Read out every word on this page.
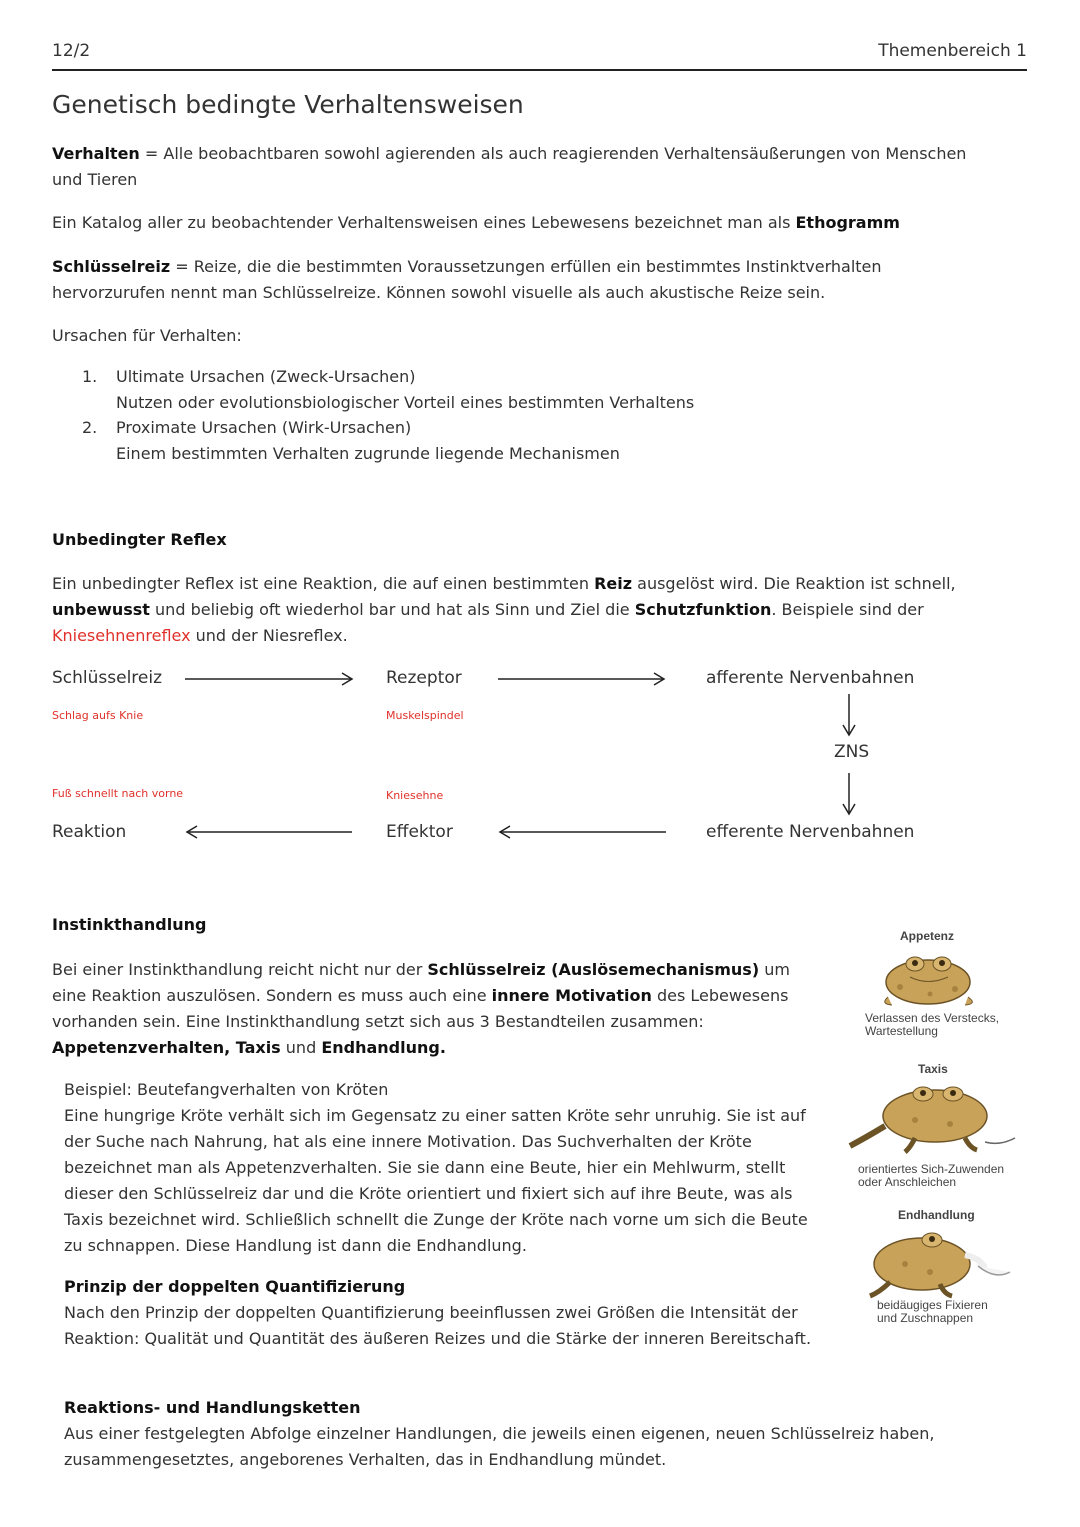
12/2	Themenbereich 1
Genetisch bedingte Verhaltensweisen
Verhalten = Alle beobachtbaren sowohl agierenden als auch reagierenden Verhaltensäußerungen von Menschen und Tieren
Ein Katalog aller zu beobachtender Verhaltensweisen eines Lebewesens bezeichnet man als Ethogramm
Schlüsselreiz = Reize, die die bestimmten Voraussetzungen erfüllen ein bestimmtes Instinktverhalten hervorzurufen nennt man Schlüsselreize. Können sowohl visuelle als auch akustische Reize sein.
Ursachen für Verhalten:
1. Ultimate Ursachen (Zweck-Ursachen)
Nutzen oder evolutionsbiologischer Vorteil eines bestimmten Verhaltens
2. Proximate Ursachen (Wirk-Ursachen)
Einem bestimmten Verhalten zugrunde liegende Mechanismen
Unbedingter Reflex
Ein unbedingter Reflex ist eine Reaktion, die auf einen bestimmten Reiz ausgelöst wird. Die Reaktion ist schnell, unbewusst und beliebig oft wiederhol bar und hat als Sinn und Ziel die Schutzfunktion. Beispiele sind der Kniesehnenreflex und der Niesreflex.
Schlüsselreiz	Rezeptor	afferente Nervenbahnen
ZNS
Reaktion	Effektor	efferente Nervenbahnen
Schlag aufs Knie	Muskelspindel
Fuß schnellt nach vorne	Kniesehne
Instinkthandlung
Bei einer Instinkthandlung reicht nicht nur der Schlüsselreiz (Auslösemechanismus) um eine Reaktion auszulösen. Sondern es muss auch eine innere Motivation des Lebewesens vorhanden sein. Eine Instinkthandlung setzt sich aus 3 Bestandteilen zusammen: Appetenzverhalten, Taxis und Endhandlung.
Beispiel: Beutefangverhalten von Kröten
Eine hungrige Kröte verhält sich im Gegensatz zu einer satten Kröte sehr unruhig. Sie ist auf der Suche nach Nahrung, hat als eine innere Motivation. Das Suchverhalten der Kröte bezeichnet man als Appetenzverhalten. Sie sie dann eine Beute, hier ein Mehlwurm, stellt dieser den Schlüsselreiz dar und die Kröte orientiert und fixiert sich auf ihre Beute, was als Taxis bezeichnet wird. Schließlich schnellt die Zunge der Kröte nach vorne um sich die Beute zu schnappen. Diese Handlung ist dann die Endhandlung.
Prinzip der doppelten Quantifizierung
Nach den Prinzip der doppelten Quantifizierung beeinflussen zwei Größen die Intensität der Reaktion: Qualität und Quantität des äußeren Reizes und die Stärke der inneren Bereitschaft.
Reaktions- und Handlungsketten
Aus einer festgelegten Abfolge einzelner Handlungen, die jeweils einen eigenen, neuen Schlüsselreiz haben, zusammengesetztes, angeborenes Verhalten, das in Endhandlung mündet.
Appetenz
Verlassen des Verstecks,
Wartestellung
Taxis
orientiertes Sich-Zuwenden
oder Anschleichen
Endhandlung
beidäugiges Fixieren
und Zuschnappen
